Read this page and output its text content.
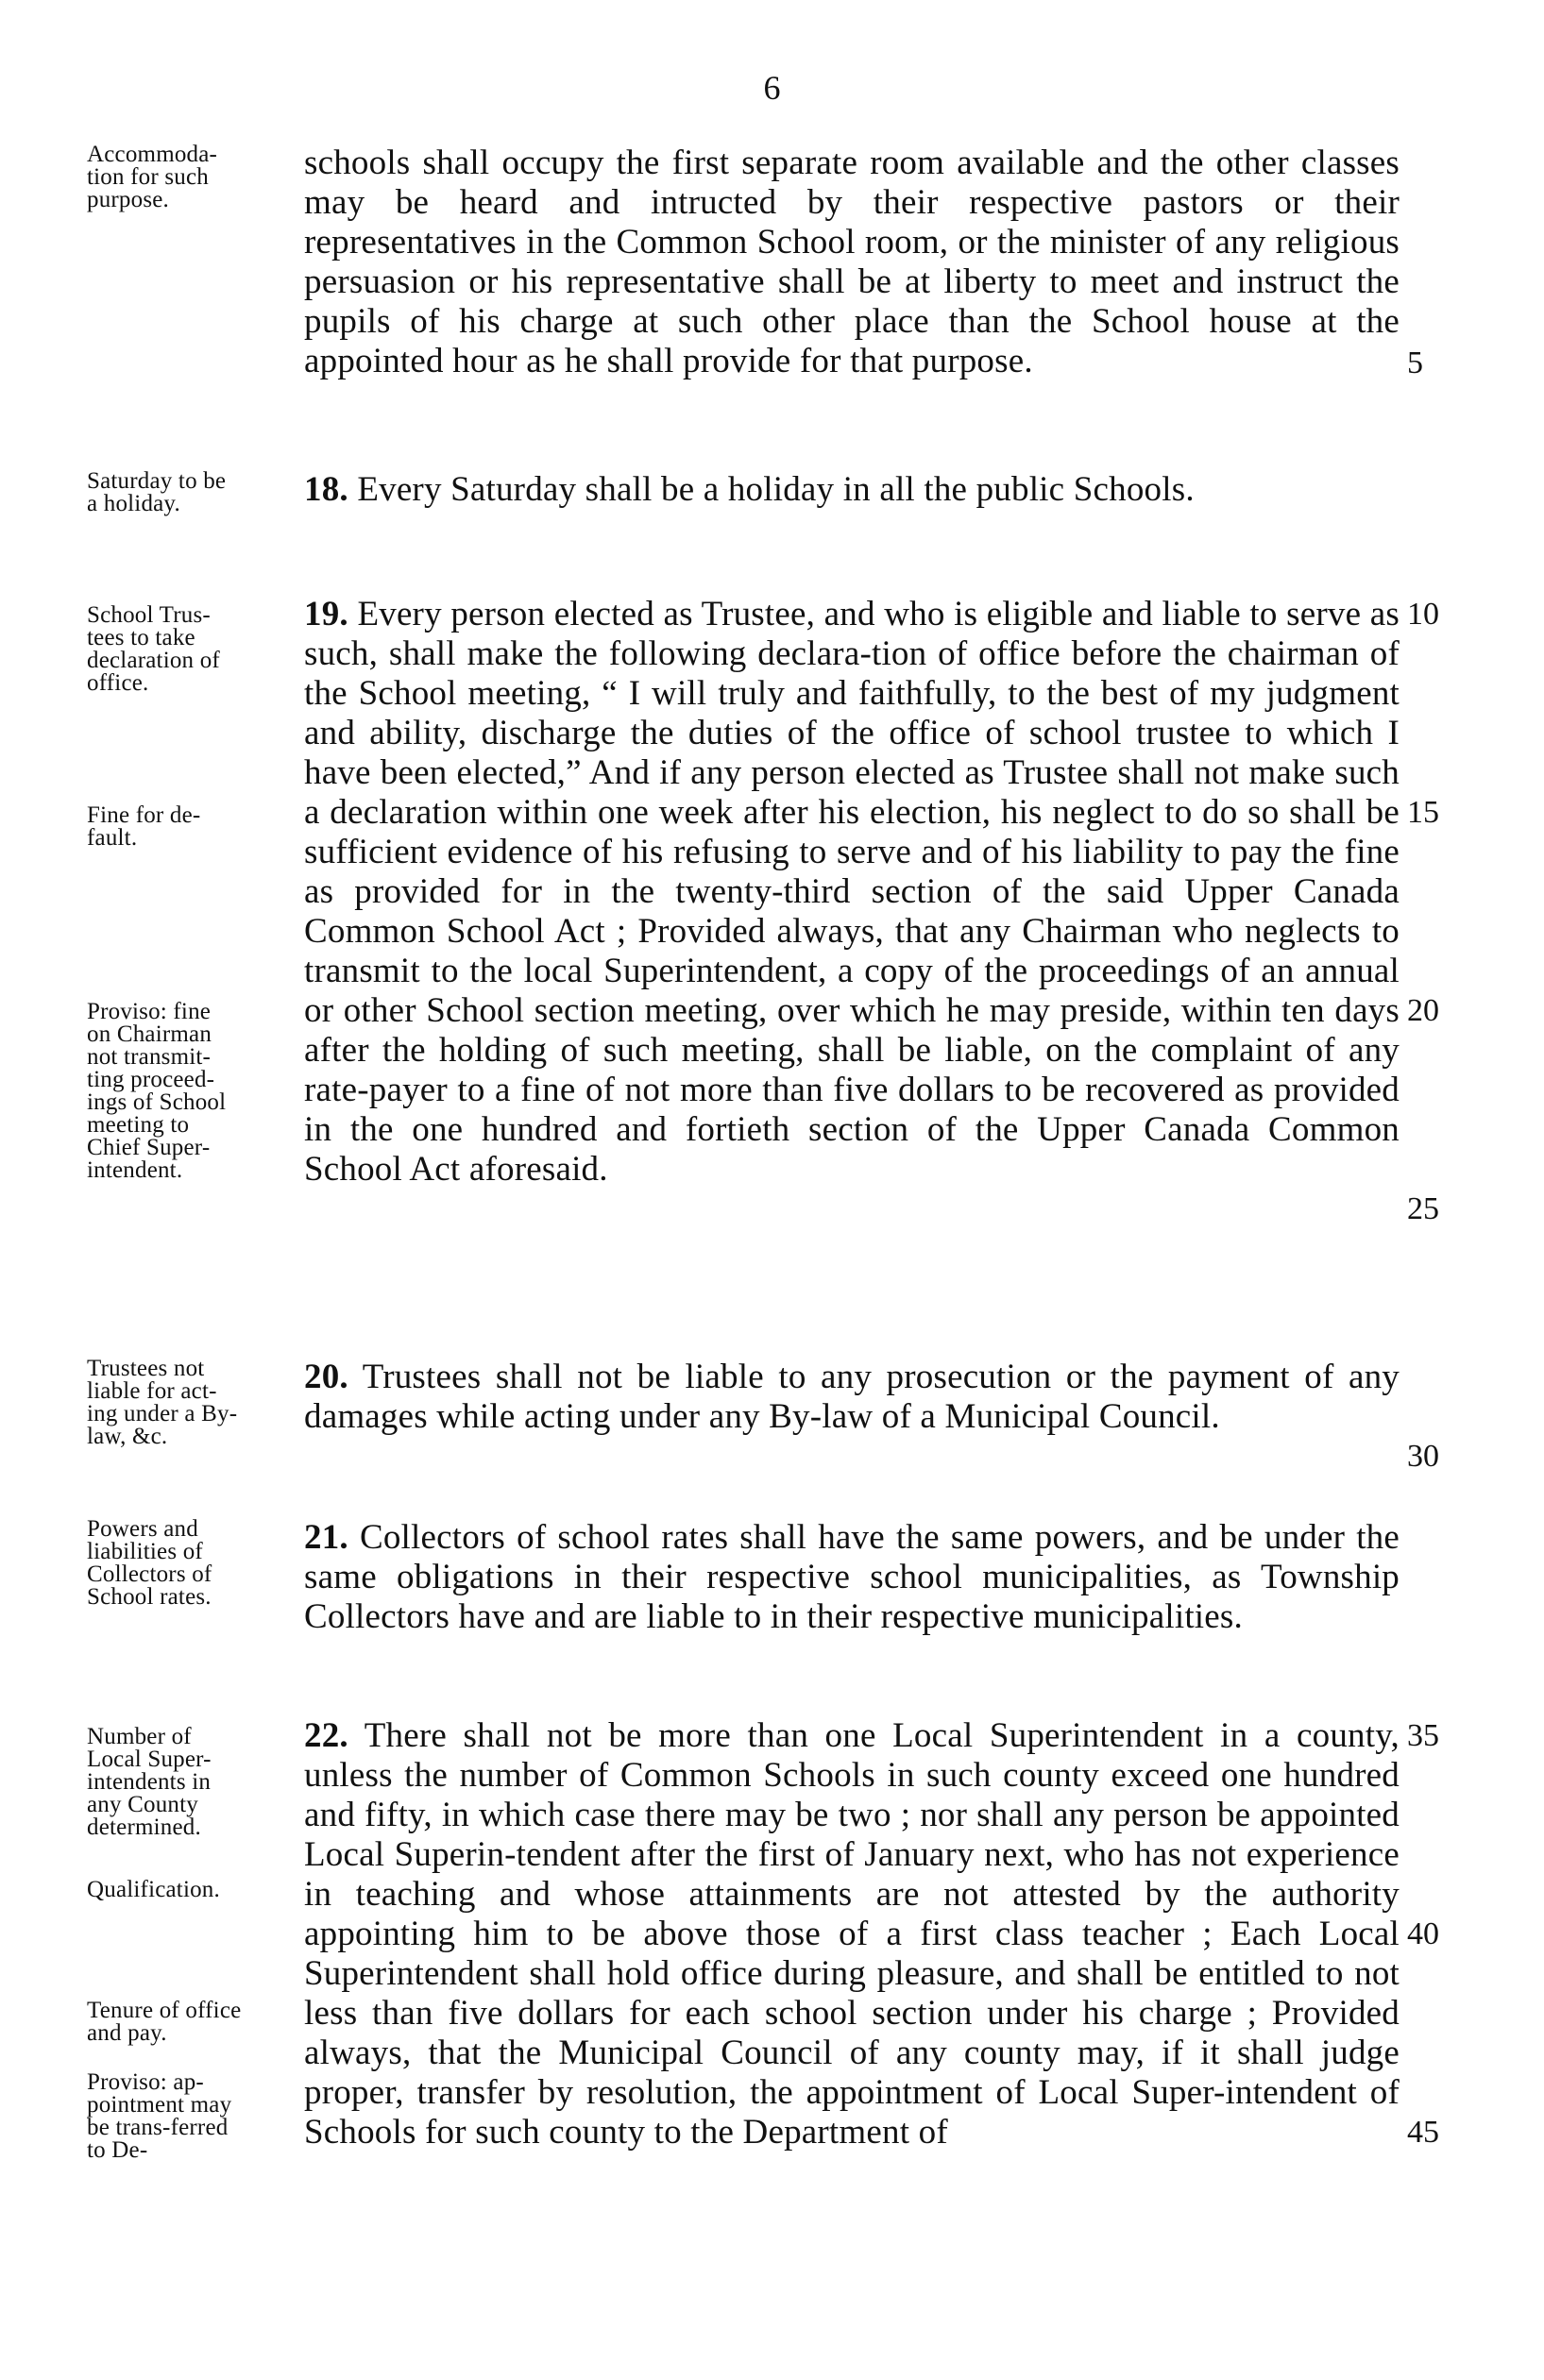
6

Accommoda-tion for such purpose.

schools shall occupy the first separate room available and the other classes may be heard and intructed by their respective pastors or their representatives in the Common School room, or the minister of any religious persuasion or his representative shall be at liberty to meet and instruct the pupils of his charge at such other place than the School house at the appointed hour as he shall provide for that purpose.	5

Saturday to be a holiday.	18. Every Saturday shall be a holiday in all the public Schools.

School Trus-tees to take declaration of office.

Fine for de-fault.

Proviso: fine on Chairman not transmit-ting proceed-ings of School meeting to Chief Super-intendent.

19. Every person elected as Trustee, and who is eligible and liable to serve as such, shall make the following declara-tion of office before the chairman of the School meeting, “ I will truly and faithfully, to the best of my judgment and ability, discharge the duties of the office of school trustee to which I have been elected,” And if any person elected as Trustee shall not make such a declaration within one week after his election, his neglect to do so shall be sufficient evidence of his refusing to serve and of his liability to pay the fine as provided for in the twenty-third section of the said Upper Canada Common School Act ; Provided always, that any Chairman who neglects to transmit to the local Superintendent, a copy of the proceedings of an annual or other School section meeting, over which he may preside, within ten days after the holding of such meeting, shall be liable, on the complaint of any rate-payer to a fine of not more than five dollars to be recovered as provided in the one hundred and fortieth section of the Upper Canada Common School Act aforesaid.

10
15
20
25

Trustees not liable for act-ing under a By-law, &c.

20. Trustees shall not be liable to any prosecution or the payment of any damages while acting under any By-law of a Municipal Council.

30

Powers and liabilities of Collectors of School rates.

21. Collectors of school rates shall have the same powers, and be under the same obligations in their respective school municipalities, as Township Collectors have and are liable to in their respective municipalities.

Number of Local Super-intendents in any County determined.

Qualification.

Tenure of office and pay.

Proviso: ap-pointment may be trans-ferred to De-

22. There shall not be more than one Local Superintendent in a county, unless the number of Common Schools in such county exceed one hundred and fifty, in which case there may be two ; nor shall any person be appointed Local Superin-tendent after the first of January next, who has not experience in teaching and whose attainments are not attested by the authority appointing him to be above those of a first class teacher ; Each Local Superintendent shall hold office during pleasure, and shall be entitled to not less than five dollars for each school section under his charge ; Provided always, that the Municipal Council of any county may, if it shall judge proper, transfer by resolution, the appointment of Local Super-intendent of Schools for such county to the Department of

35
40
45
